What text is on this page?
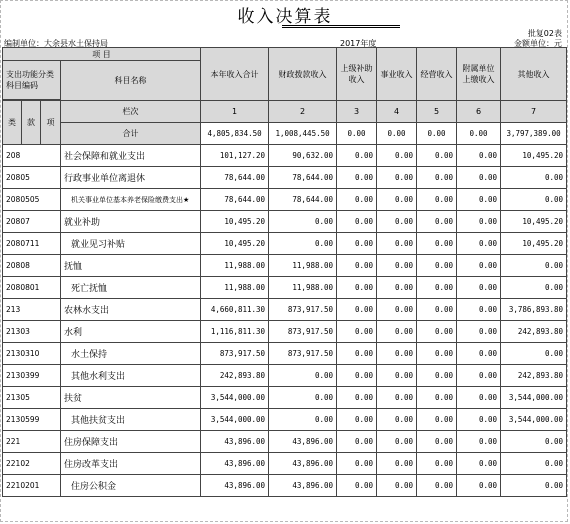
收入决算表
批复02表
编制单位：大余县水土保持局	2017年度	金额单位：元
项 目				本年收入合计	财政拨款收入	上级补助收入	事业收入	经营收入	附属单位上缴收入	其他收入
支出功能分类科目编码			科目名称							

类	款	项	栏次	1	2	3	4	5	6	7
			合计	4,805,834.50	1,008,445.50	0.00	0.00	0.00	0.00	3,797,389.00
208			社会保障和就业支出	101,127.20	90,632.00	0.00	0.00	0.00	0.00	10,495.20
20805			行政事业单位离退休	78,644.00	78,644.00	0.00	0.00	0.00	0.00	0.00
2080505			机关事业单位基本养老保险缴费支出★	78,644.00	78,644.00	0.00	0.00	0.00	0.00	0.00
20807			就业补助	10,495.20	0.00	0.00	0.00	0.00	0.00	10,495.20
2080711			就业见习补贴	10,495.20	0.00	0.00	0.00	0.00	0.00	10,495.20
20808			抚恤	11,988.00	11,988.00	0.00	0.00	0.00	0.00	0.00
2080801			死亡抚恤	11,988.00	11,988.00	0.00	0.00	0.00	0.00	0.00
213			农林水支出	4,660,811.30	873,917.50	0.00	0.00	0.00	0.00	3,786,893.80
21303			水利	1,116,811.30	873,917.50	0.00	0.00	0.00	0.00	242,893.80
2130310			水土保持	873,917.50	873,917.50	0.00	0.00	0.00	0.00	0.00
2130399			其他水利支出	242,893.80	0.00	0.00	0.00	0.00	0.00	242,893.80
21305			扶贫	3,544,000.00	0.00	0.00	0.00	0.00	0.00	3,544,000.00
2130599			其他扶贫支出	3,544,000.00	0.00	0.00	0.00	0.00	0.00	3,544,000.00
221			住房保障支出	43,896.00	43,896.00	0.00	0.00	0.00	0.00	0.00
22102			住房改革支出	43,896.00	43,896.00	0.00	0.00	0.00	0.00	0.00
2210201			住房公积金	43,896.00	43,896.00	0.00	0.00	0.00	0.00	0.00
